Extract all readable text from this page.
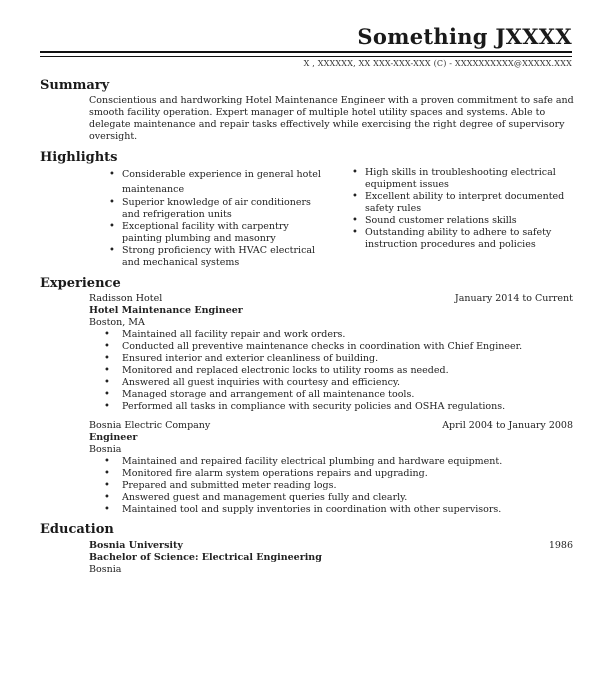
Something JXXXX
X , XXXXXX, XX XXX-XXX-XXX (C) - XXXXXXXXXX@XXXXX.XXX
Summary
Conscientious and hardworking Hotel Maintenance Engineer with a proven commitment to safe and smooth facility operation. Expert manager of multiple hotel utility spaces and systems. Able to delegate maintenance and repair tasks effectively while exercising the right degree of supervisory oversight.
Highlights
• Considerable experience in general hotel maintenance
• Superior knowledge of air conditioners and refrigeration units
• Exceptional facility with carpentry painting plumbing and masonry
• Strong proficiency with HVAC electrical and mechanical systems
• High skills in troubleshooting electrical equipment issues
• Excellent ability to interpret documented safety rules
• Sound customer relations skills
• Outstanding ability to adhere to safety instruction procedures and policies
Experience
Radisson Hotel	January 2014 to Current
Hotel Maintenance Engineer
Boston, MA
• Maintained all facility repair and work orders.
• Conducted all preventive maintenance checks in coordination with Chief Engineer.
• Ensured interior and exterior cleanliness of building.
• Monitored and replaced electronic locks to utility rooms as needed.
• Answered all guest inquiries with courtesy and efficiency.
• Managed storage and arrangement of all maintenance tools.
• Performed all tasks in compliance with security policies and OSHA regulations.
Bosnia Electric Company	April 2004 to January 2008
Engineer
Bosnia
• Maintained and repaired facility electrical plumbing and hardware equipment.
• Monitored fire alarm system operations repairs and upgrading.
• Prepared and submitted meter reading logs.
• Answered guest and management queries fully and clearly.
• Maintained tool and supply inventories in coordination with other supervisors.
Education
Bosnia University	1986
Bachelor of Science: Electrical Engineering
Bosnia
